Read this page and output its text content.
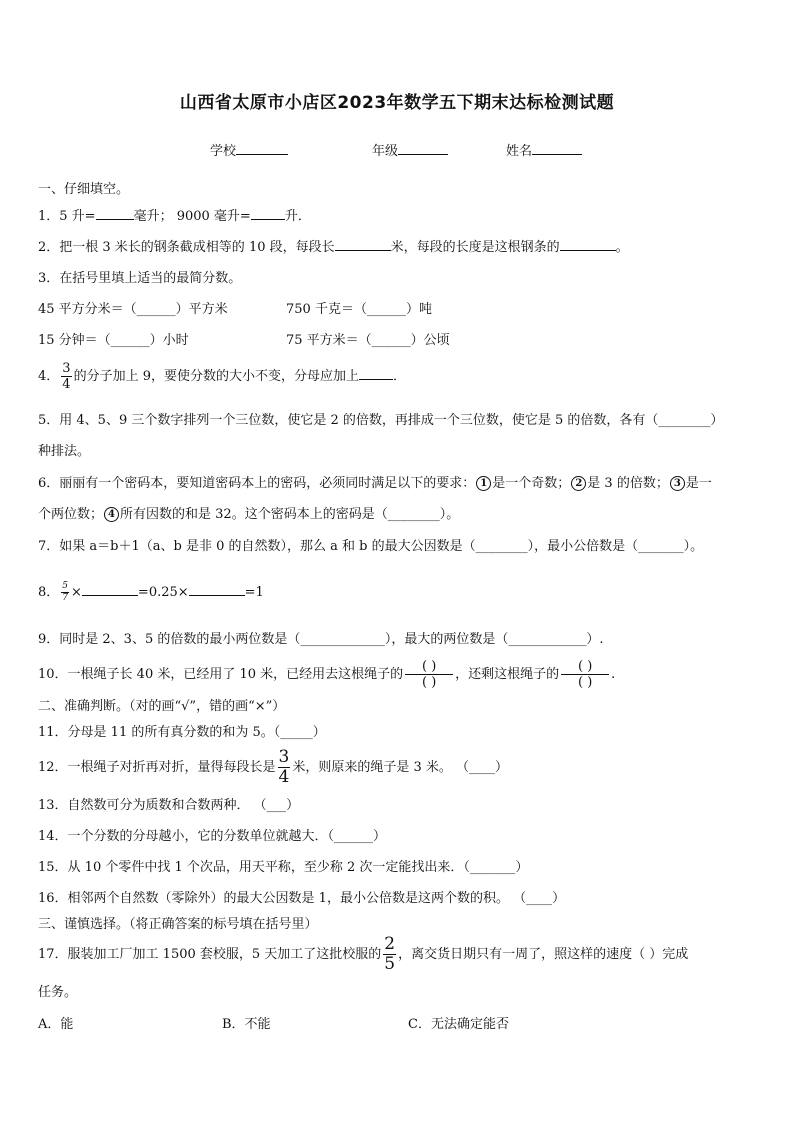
山西省太原市小店区2023年数学五下期末达标检测试题
学校	年级	姓名
一、仔细填空。
1．5 升=	毫升； 9000 毫升=	升．
2．把一根 3 米长的钢条截成相等的 10 段，每段长	米，每段的长度是这根钢条的	。
3．在括号里填上适当的最简分数。
45 平方分米＝（______）平方米	750 千克＝（______）吨
15 分钟＝（______）小时	75 平方米＝（______）公顷
4． $\frac{3}{4}$ 的分子加上 9，要使分数的大小不变，分母应加上	．
5．用 4、5、9 三个数字排列一个三位数，使它是 2 的倍数，再排成一个三位数，使它是 5 的倍数，各有（________）
种排法。
6．丽丽有一个密码本，要知道密码本上的密码，必须同时满足以下的要求： 1 是一个奇数； 2 是 3 的倍数； 3 是一
个两位数； 4 所有因数的和是 32。这个密码本上的密码是（________）。
7．如果 a＝b＋1（a、b 是非 0 的自然数），那么 a 和 b 的最大公因数是（________），最小公倍数是（_______）。
8． $\frac{5}{7}$ ×	=0.25×	=1
9．同时是 2、3、5 的倍数的最小两位数是（_____________），最大的两位数是（____________）.
10．一根绳子长 40 米，已经用了 10 米，已经用去这根绳子的 $\frac{( )}{( )}$ ，还剩这根绳子的 $\frac{( )}{( )}$ .
二、准确判断。（对的画“√”，错的画“×”）
11．分母是 11 的所有真分数的和为 5。（_____）
12．一根绳子对折再对折，量得每段长是 $\frac{3}{4}$ 米，则原来的绳子是 3 米。 （____）
13．自然数可分为质数和合数两种． （___）
14．一个分数的分母越小，它的分数单位就越大．（______）
15．从 10 个零件中找 1 个次品，用天平称，至少称 2 次一定能找出来．（_______）
16．相邻两个自然数（零除外）的最大公因数是 1，最小公倍数是这两个数的积。 （____）
三、谨慎选择。（将正确答案的标号填在括号里）
17．服装加工厂加工 1500 套校服，5 天加工了这批校服的 $\frac{2}{5}$ ，离交货日期只有一周了，照这样的速度（ ）完成
任务。
A．能	B．不能	C．无法确定能否
